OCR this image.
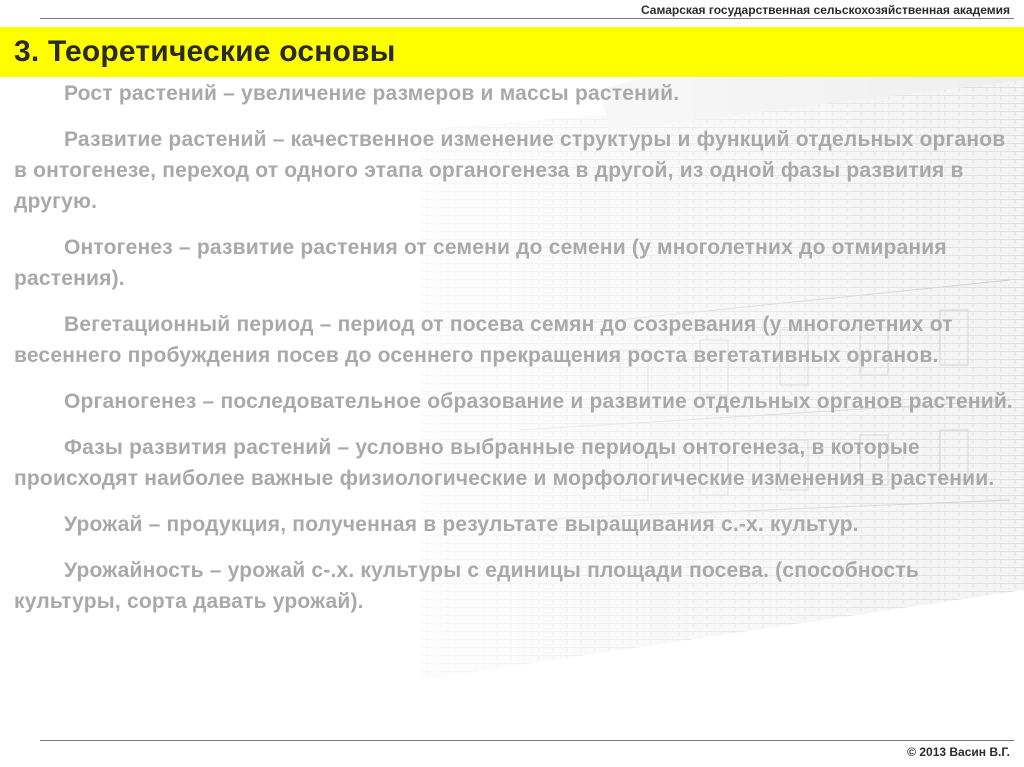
Самарская государственная сельскохозяйственная академия
3. Теоретические основы

Рост растений – увеличение размеров и массы растений.

Развитие растений – качественное изменение структуры и функций отдельных органов в онтогенезе, переход от одного этапа органогенеза в другой, из одной фазы развития в другую.

Онтогенез – развитие растения от семени до семени (у многолетних до отмирания растения).

Вегетационный период – период от посева семян до созревания (у многолетних от весеннего пробуждения посев до осеннего прекращения роста вегетативных органов.

Органогенез – последовательное образование и развитие отдельных органов растений.

Фазы развития растений – условно выбранные периоды онтогенеза, в которые происходят наиболее важные физиологические и морфологические изменения в растении.

Урожай – продукция, полученная в результате выращивания с.-х. культур.

Урожайность – урожай с-.х. культуры с единицы площади посева. (способность культуры, сорта давать урожай).

© 2013 Васин В.Г.
